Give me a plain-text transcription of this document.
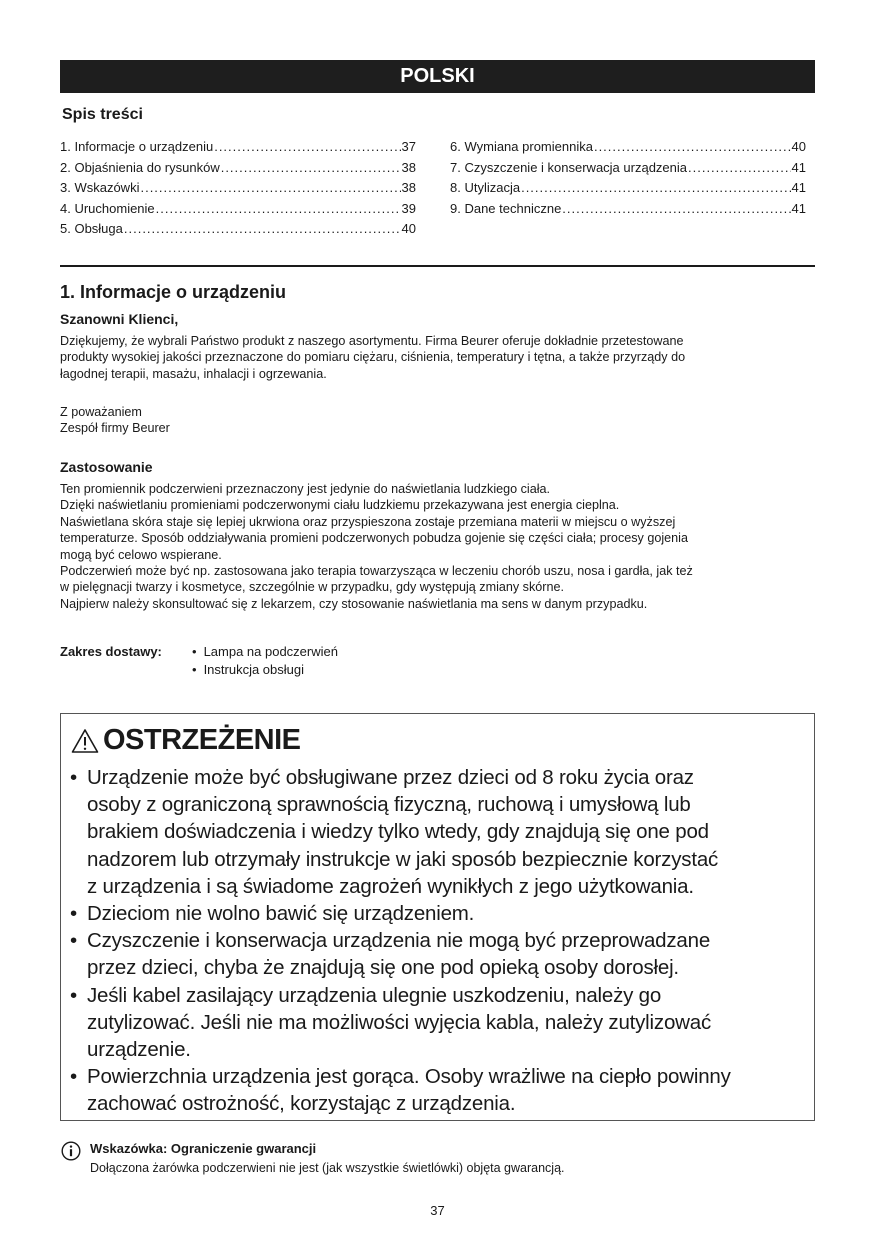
POLSKI
Spis treści
1. Informacje o urządzeniu .....	37
2. Objaśnienia do rysunków .....	38
3. Wskazówki .....	38
4. Uruchomienie .....	39
5. Obsługa .....	40
6. Wymiana promiennika .....	40
7. Czyszczenie i konserwacja urządzenia .....	41
8. Utylizacja .....	41
9. Dane techniczne .....	41
1. Informacje o urządzeniu
Szanowni Klienci,
Dziękujemy, że wybrali Państwo produkt z naszego asortymentu. Firma Beurer oferuje dokładnie przetestowane
produkty wysokiej jakości przeznaczone do pomiaru ciężaru, ciśnienia, temperatury i tętna, a także przyrządy do
łagodnej terapii, masażu, inhalacji i ogrzewania.
Z poważaniem
Zespół firmy Beurer
Zastosowanie
Ten promiennik podczerwieni przeznaczony jest jedynie do naświetlania ludzkiego ciała.
Dzięki naświetlaniu promieniami podczerwonymi ciału ludzkiemu przekazywana jest energia cieplna.
Naświetlana skóra staje się lepiej ukrwiona oraz przyspieszona zostaje przemiana materii w miejscu o wyższej
temperaturze. Sposób oddziaływania promieni podczerwonych pobudza gojenie się części ciała; procesy gojenia
mogą być celowo wspierane.
Podczerwień może być np. zastosowana jako terapia towarzysząca w leczeniu chorób uszu, nosa i gardła, jak też
w pielęgnacji twarzy i kosmetyce, szczególnie w przypadku, gdy występują zmiany skórne.
Najpierw należy skonsultować się z lekarzem, czy stosowanie naświetlania ma sens w danym przypadku.
Zakres dostawy:	• Lampa na podczerwień
• Instrukcja obsługi
OSTRZEŻENIE
• Urządzenie może być obsługiwane przez dzieci od 8 roku życia oraz
osoby z ograniczoną sprawnością fizyczną, ruchową i umysłową lub
brakiem doświadczenia i wiedzy tylko wtedy, gdy znajdują się one pod
nadzorem lub otrzymały instrukcje w jaki sposób bezpiecznie korzystać
z urządzenia i są świadome zagrożeń wynikłych z jego użytkowania.
• Dzieciom nie wolno bawić się urządzeniem.
• Czyszczenie i konserwacja urządzenia nie mogą być przeprowadzane
przez dzieci, chyba że znajdują się one pod opieką osoby dorosłej.
• Jeśli kabel zasilający urządzenia ulegnie uszkodzeniu, należy go
zutylizować. Jeśli nie ma możliwości wyjęcia kabla, należy zutylizować
urządzenie.
• Powierzchnia urządzenia jest gorąca. Osoby wrażliwe na ciepło powinny
zachować ostrożność, korzystając z urządzenia.
Wskazówka: Ograniczenie gwarancji
Dołączona żarówka podczerwieni nie jest (jak wszystkie świetlówki) objęta gwarancją.
37
